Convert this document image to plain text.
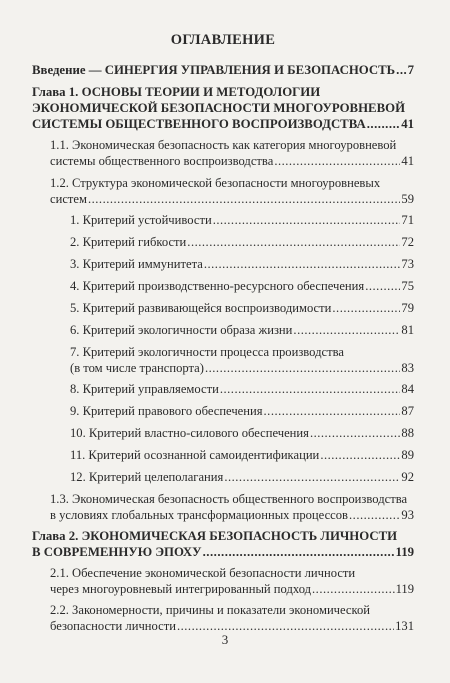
ОГЛАВЛЕНИЕ
Введение — СИНЕРГИЯ УПРАВЛЕНИЯ И БЕЗОПАСНОСТЬ ..... 7
Глава 1. ОСНОВЫ ТЕОРИИ И МЕТОДОЛОГИИ
ЭКОНОМИЧЕСКОЙ БЕЗОПАСНОСТИ МНОГОУРОВНЕВОЙ
СИСТЕМЫ ОБЩЕСТВЕННОГО ВОСПРОИЗВОДСТВА .....	41
1.1. Экономическая безопасность как категория многоуровневой
системы общественного воспроизводства .....	41
1.2. Структура экономической безопасности многоуровневых
систем .....	59
1. Критерий устойчивости .....	71
2. Критерий гибкости .....	72
3. Критерий иммунитета .....	73
4. Критерий производственно-ресурсного обеспечения .....	75
5. Критерий развивающейся воспроизводимости .....	79
6. Критерий экологичности образа жизни .....	81
7. Критерий экологичности процесса производства
(в том числе транспорта) .....	83
8. Критерий управляемости .....	84
9. Критерий правового обеспечения .....	87
10. Критерий властно-силового обеспечения .....	88
11. Критерий осознанной самоидентификации .....	89
12. Критерий целеполагания .....	92
1.3. Экономическая безопасность общественного воспроизводства
в условиях глобальных трансформационных процессов .....	93
Глава 2. ЭКОНОМИЧЕСКАЯ БЕЗОПАСНОСТЬ ЛИЧНОСТИ
В СОВРЕМЕННУЮ ЭПОХУ .....	119
2.1. Обеспечение экономической безопасности личности
через многоуровневый интегрированный подход .....	119
2.2. Закономерности, причины и показатели экономической
безопасности личности .....	131
3
